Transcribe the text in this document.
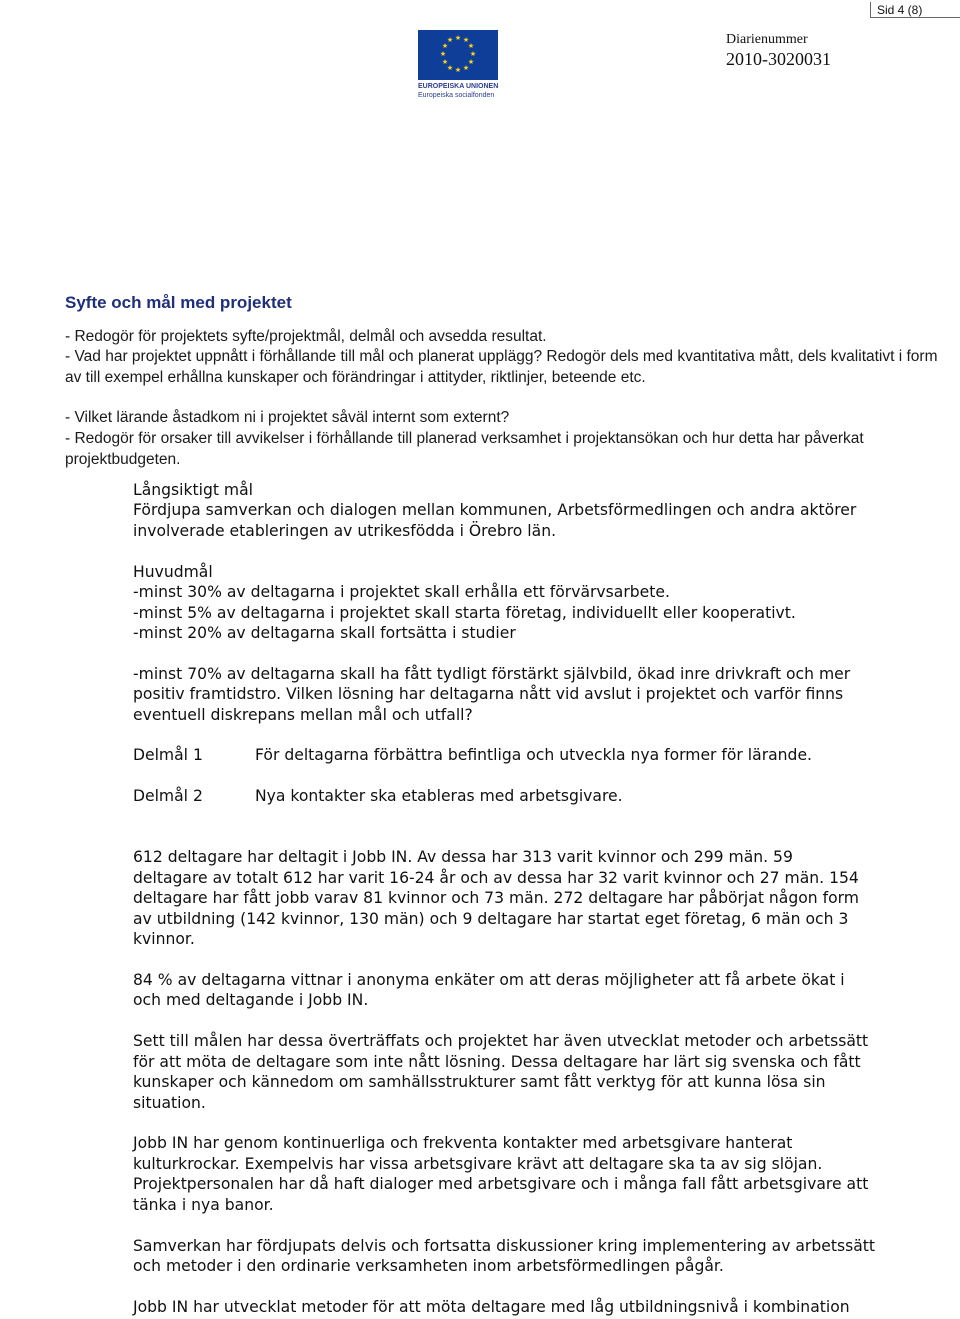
Sid 4 (8)
★ ★
★
★
★
★
★
★
★
★
★
★
EUROPEISKA UNIONEN
Europeiska socialfonden
Diarienummer
2010-3020031
Syfte och mål med projektet
- Redogör för projektets syfte/projektmål, delmål och avsedda resultat.
- Vad har projektet uppnått i förhållande till mål och planerat upplägg? Redogör dels med kvantitativa mått, dels kvalitativt i form av till exempel erhållna kunskaper och förändringar i attityder, riktlinjer, beteende etc.
- Vilket lärande åstadkom ni i projektet såväl internt som externt?
- Redogör för orsaker till avvikelser i förhållande till planerad verksamhet i projektansökan och hur detta har påverkat projektbudgeten.
Långsiktigt mål
Fördjupa samverkan och dialogen mellan kommunen, Arbetsförmedlingen och andra aktörer
involverade etableringen av utrikesfödda i Örebro län.
Huvudmål
-minst 30% av deltagarna i projektet skall erhålla ett förvärvsarbete.
-minst 5% av deltagarna i projektet skall starta företag, individuellt eller kooperativt.
-minst 20% av deltagarna skall fortsätta i studier
-minst 70% av deltagarna skall ha fått tydligt förstärkt självbild, ökad inre drivkraft och mer
positiv framtidstro. Vilken lösning har deltagarna nått vid avslut i projektet och varför finns
eventuell diskrepans mellan mål och utfall?
Delmål 1	För deltagarna förbättra befintliga och utveckla nya former för lärande.
Delmål 2	Nya kontakter ska etableras med arbetsgivare.
612 deltagare har deltagit i Jobb IN. Av dessa har 313 varit kvinnor och 299 män. 59
deltagare av totalt 612 har varit 16-24 år och av dessa har 32 varit kvinnor och 27 män. 154
deltagare har fått jobb varav 81 kvinnor och 73 män. 272 deltagare har påbörjat någon form
av utbildning (142 kvinnor, 130 män) och 9 deltagare har startat eget företag, 6 män och 3
kvinnor.
84 % av deltagarna vittnar i anonyma enkäter om att deras möjligheter att få arbete ökat i
och med deltagande i Jobb IN.
Sett till målen har dessa överträffats och projektet har även utvecklat metoder och arbetssätt
för att möta de deltagare som inte nått lösning. Dessa deltagare har lärt sig svenska och fått
kunskaper och kännedom om samhällsstrukturer samt fått verktyg för att kunna lösa sin
situation.
Jobb IN har genom kontinuerliga och frekventa kontakter med arbetsgivare hanterat
kulturkrockar. Exempelvis har vissa arbetsgivare krävt att deltagare ska ta av sig slöjan.
Projektpersonalen har då haft dialoger med arbetsgivare och i många fall fått arbetsgivare att
tänka i nya banor.
Samverkan har fördjupats delvis och fortsatta diskussioner kring implementering av arbetssätt
och metoder i den ordinarie verksamheten inom arbetsförmedlingen pågår.
Jobb IN har utvecklat metoder för att möta deltagare med låg utbildningsnivå i kombination
